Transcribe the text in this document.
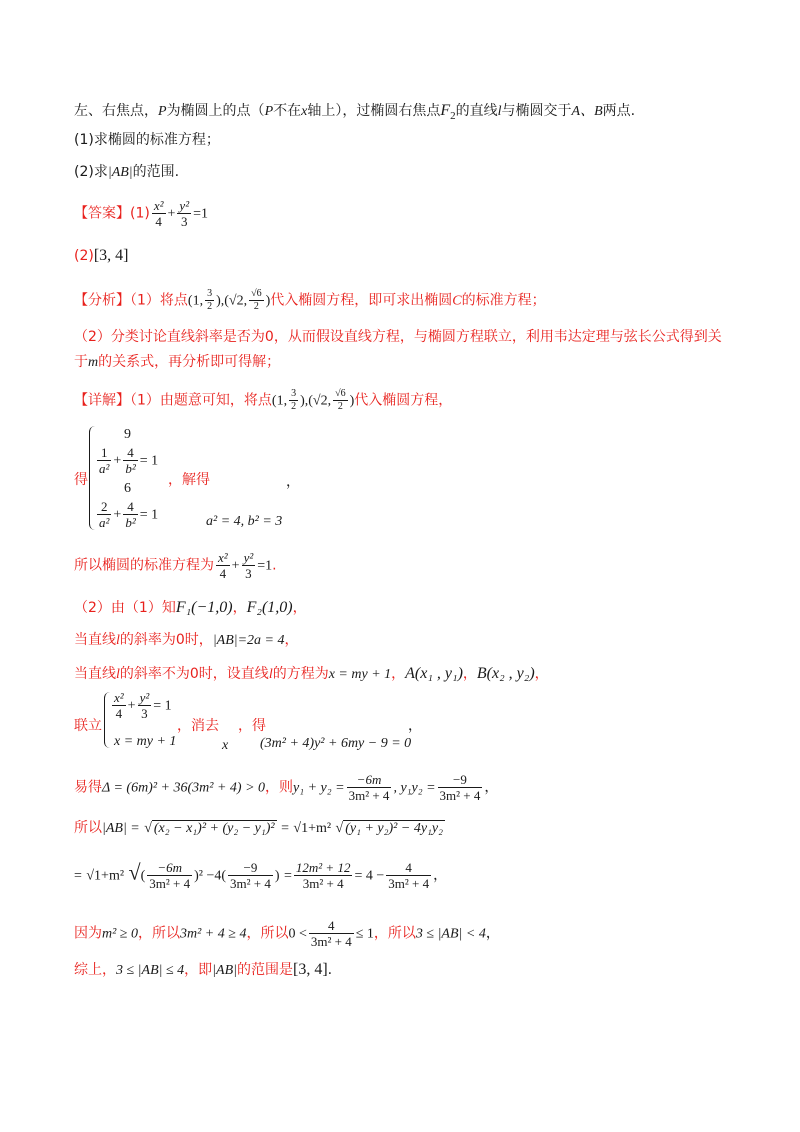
左、右焦点，P为椭圆上的点（P不在x轴上），过椭圆右焦点$F_2$的直线l与椭圆交于A、B两点.
(1)求椭圆的标准方程；
(2)求|AB|的范围.
【答案】$(1) \frac{\text{x²}}{4} + \frac{\text{y²}}{3} =1$
(2)[3, 4]
【分析】（1）将点(1, $\frac{3}{2} ),(√2$, $\frac{√6}{2}$ )代入椭圆方程，即可求出椭圆C的标准方程；
（2）分类讨论直线斜率是否为0，从而假设直线方程，与椭圆方程联立，利用韦达定理与弦长公式得到关
于m的关系式，再分析即可得解；
【详解】（1）由题意可知，将点(1, $\frac{3}{2} ),(√2$, $\frac{√6}{2}$ )代入椭圆方程，
得
9
$\frac{1}{\text{a²}} + \frac{4}{\text{b²}} = 1$
6
$\frac{2}{\text{a²}} + \frac{4}{\text{b²}} = 1$
，解得	，
a² = 4, b² = 3
所以椭圆的标准方程为 $\frac{\text{x²}}{4} + \frac{\text{y²}}{3} =1$.
（2）由（1）知F₁(−1,0)，F₂(1,0)，
当直线l的斜率为0时，|AB|=2a = 4，
当直线l的斜率不为0时，设直线l的方程为x = my + 1，A(x₁ , y₁)，B(x₂ , y₂)，
联立
$\frac{\text{x²}}{4} + \frac{\text{y²}}{3} = 1$
x = my + 1
，消去 ，得
x (3m² + 4)y² + 6my − 9 = 0
，
易得Δ = (6m)² + 36(3m² + 4) > 0，则$y_1 + y_2 = \frac{-6m}{\text{3m² + 4}}$ , $y_1y_2 = \frac{-9}{\text{3m² + 4}}$ ，
所以|AB| = √ (x₂ − x₁)² + (y₂ − y₁)² = √1+m² √ (y₁ + y₂)² − 4y₁y₂
= √1+m² √( $\frac{-6m}{\text{3m² + 4}} )^2 -4( \frac{-9}{\text{3m² + 4}}$ ) = $\frac{\text{12m² + 12}}{\text{3m² + 4}} = 4 - \frac{4}{\text{3m² + 4}}$ ，
因为m² ≥ 0，所以3m² + 4 ≥ 4，所以$0 < \frac{4}{\text{3m² + 4}} \le 1$，所以3 ≤ |AB| < 4，
综上，3 ≤ |AB| ≤ 4，即|AB|的范围是[3, 4].
